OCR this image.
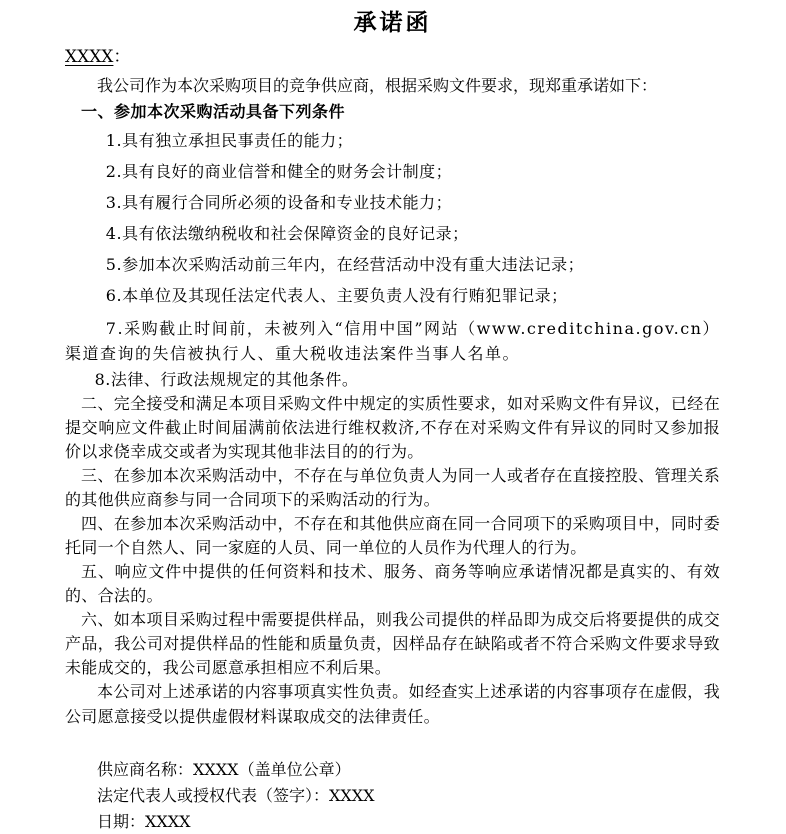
承诺函

XXXX：

我公司作为本次采购项目的竞争供应商，根据采购文件要求，现郑重承诺如下：

一、参加本次采购活动具备下列条件

1.具有独立承担民事责任的能力；

2.具有良好的商业信誉和健全的财务会计制度；

3.具有履行合同所必须的设备和专业技术能力；

4.具有依法缴纳税收和社会保障资金的良好记录；

5.参加本次采购活动前三年内，在经营活动中没有重大违法记录；

6.本单位及其现任法定代表人、主要负责人没有行贿犯罪记录；

7.采购截止时间前，未被列入“信用中国”网站（www.creditchina.gov.cn）渠道查询的失信被执行人、重大税收违法案件当事人名单。

8.法律、行政法规规定的其他条件。

二、完全接受和满足本项目采购文件中规定的实质性要求，如对采购文件有异议，已经在提交响应文件截止时间届满前依法进行维权救济,不存在对采购文件有异议的同时又参加报价以求侥幸成交或者为实现其他非法目的的行为。

三、在参加本次采购活动中，不存在与单位负责人为同一人或者存在直接控股、管理关系的其他供应商参与同一合同项下的采购活动的行为。

四、在参加本次采购活动中，不存在和其他供应商在同一合同项下的采购项目中，同时委托同一个自然人、同一家庭的人员、同一单位的人员作为代理人的行为。

五、响应文件中提供的任何资料和技术、服务、商务等响应承诺情况都是真实的、有效的、合法的。

六、如本项目采购过程中需要提供样品，则我公司提供的样品即为成交后将要提供的成交产品，我公司对提供样品的性能和质量负责，因样品存在缺陷或者不符合采购文件要求导致未能成交的，我公司愿意承担相应不利后果。

本公司对上述承诺的内容事项真实性负责。如经查实上述承诺的内容事项存在虚假，我公司愿意接受以提供虚假材料谋取成交的法律责任。

供应商名称：XXXX（盖单位公章）

法定代表人或授权代表（签字）：XXXX

日期：XXXX
